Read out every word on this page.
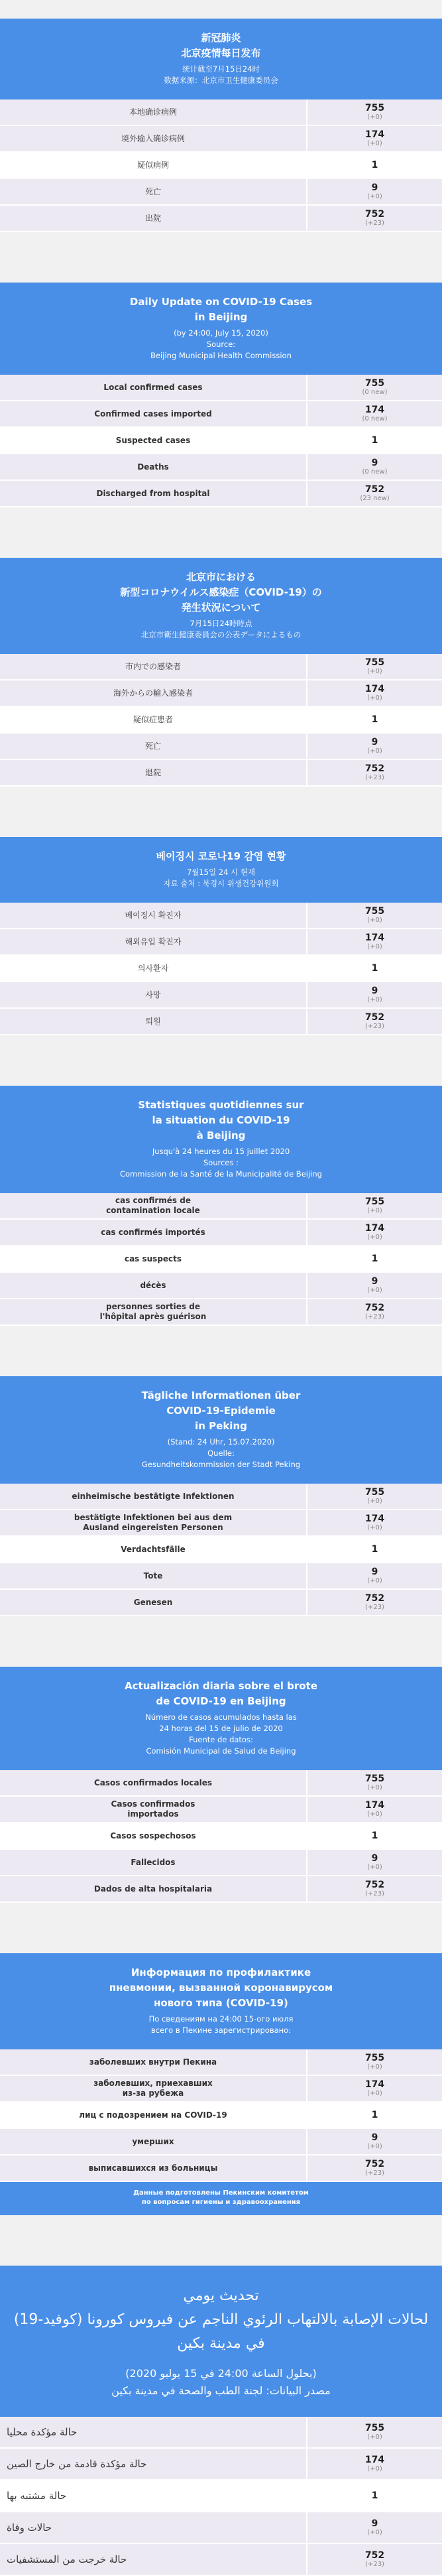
新冠肺炎
北京疫情每日发布
统计截至7月15日24时
数据来源：北京市卫生健康委员会
本地确诊病例	755
(+0)
境外输入确诊病例	174
(+0)
疑似病例	1
死亡	9
(+0)
出院	752
(+23)
Daily Update on COVID-19 Cases
in Beijing
(by 24:00, July 15, 2020)
Source:
Beijing Municipal Health Commission
Local confirmed cases	755
(0 new)
Confirmed cases imported	174
(0 new)
Suspected cases	1
Deaths	9
(0 new)
Discharged from hospital	752
(23 new)
北京市における
新型コロナウイルス感染症（COVID-19）の
発生状況について
7月15日24時時点
北京市衛生健康委員会の公表データによるもの
市内での感染者	755
(+0)
海外からの輸入感染者	174
(+0)
疑似症患者	1
死亡	9
(+0)
退院	752
(+23)
베이징시 코로나19 감염 현황
7월15일 24 시 현재
자료 출처 : 북경시 위생건강위원회
베이징시 확진자	755
(+0)
해외유입 확진자	174
(+0)
의사환자	1
사망	9
(+0)
퇴원	752
(+23)
Statistiques quotidiennes sur
la situation du COVID-19
à Beijing
Jusqu'à 24 heures du 15 juillet 2020
Sources :
Commission de la Santé de la Municipalité de Beijing
cas confirmés de
contamination locale
755
(+0)
cas confirmés importés	174
(+0)
cas suspects	1
décès	9
(+0)
personnes sorties de
l'hôpital après guérison
752
(+23)
Tägliche Informationen über
COVID-19-Epidemie
in Peking
(Stand: 24 Uhr, 15.07.2020)
Quelle:
Gesundheitskommission der Stadt Peking
einheimische bestätigte Infektionen	755
(+0)
bestätigte Infektionen bei aus dem
Ausland eingereisten Personen
174
(+0)
Verdachtsfälle	1
Tote	9
(+0)
Genesen	752
(+23)
Actualización diaria sobre el brote
de COVID-19 en Beijing
Número de casos acumulados hasta las
24 horas del 15 de julio de 2020
Fuente de datos:
Comisión Municipal de Salud de Beijing
Casos confirmados locales	755
(+0)
Casos confirmados
importados
174
(+0)
Casos sospechosos	1
Fallecidos	9
(+0)
Dados de alta hospitalaria	752
(+23)
Информация по профилактике
пневмонии, вызванной коронавирусом
нового типа (COVID-19)
По сведениям на 24:00 15-ого июля
всего в Пекине зарегистрировано:
заболевших внутри Пекина	755
(+0)
заболевших, приехавших
из-за рубежа
174
(+0)
лиц с подозрением на COVID-19	1
умерших	9
(+0)
выписавшихся из больницы	752
(+23)
Данные подготовлены Пекинским комитетом
по вопросам гигиены и здравоохранения
تحديث يومي
لحالات الإصابة بالالتهاب الرئوي الناجم عن فيروس كورونا (كوفيد-19)
في مدينة بكين
(بحلول الساعة 24:00 في 15 يوليو 2020)
مصدر البيانات: لجنة الطب والصحة في مدينة بكين
حالة مؤكدة محليا	755
(+0)
حالة مؤكدة قادمة من خارج الصين	174
(+0)
حالة مشتبه بها	1
حالات وفاة	9
(+0)
حالة خرجت من المستشفيات	752
(+23)
